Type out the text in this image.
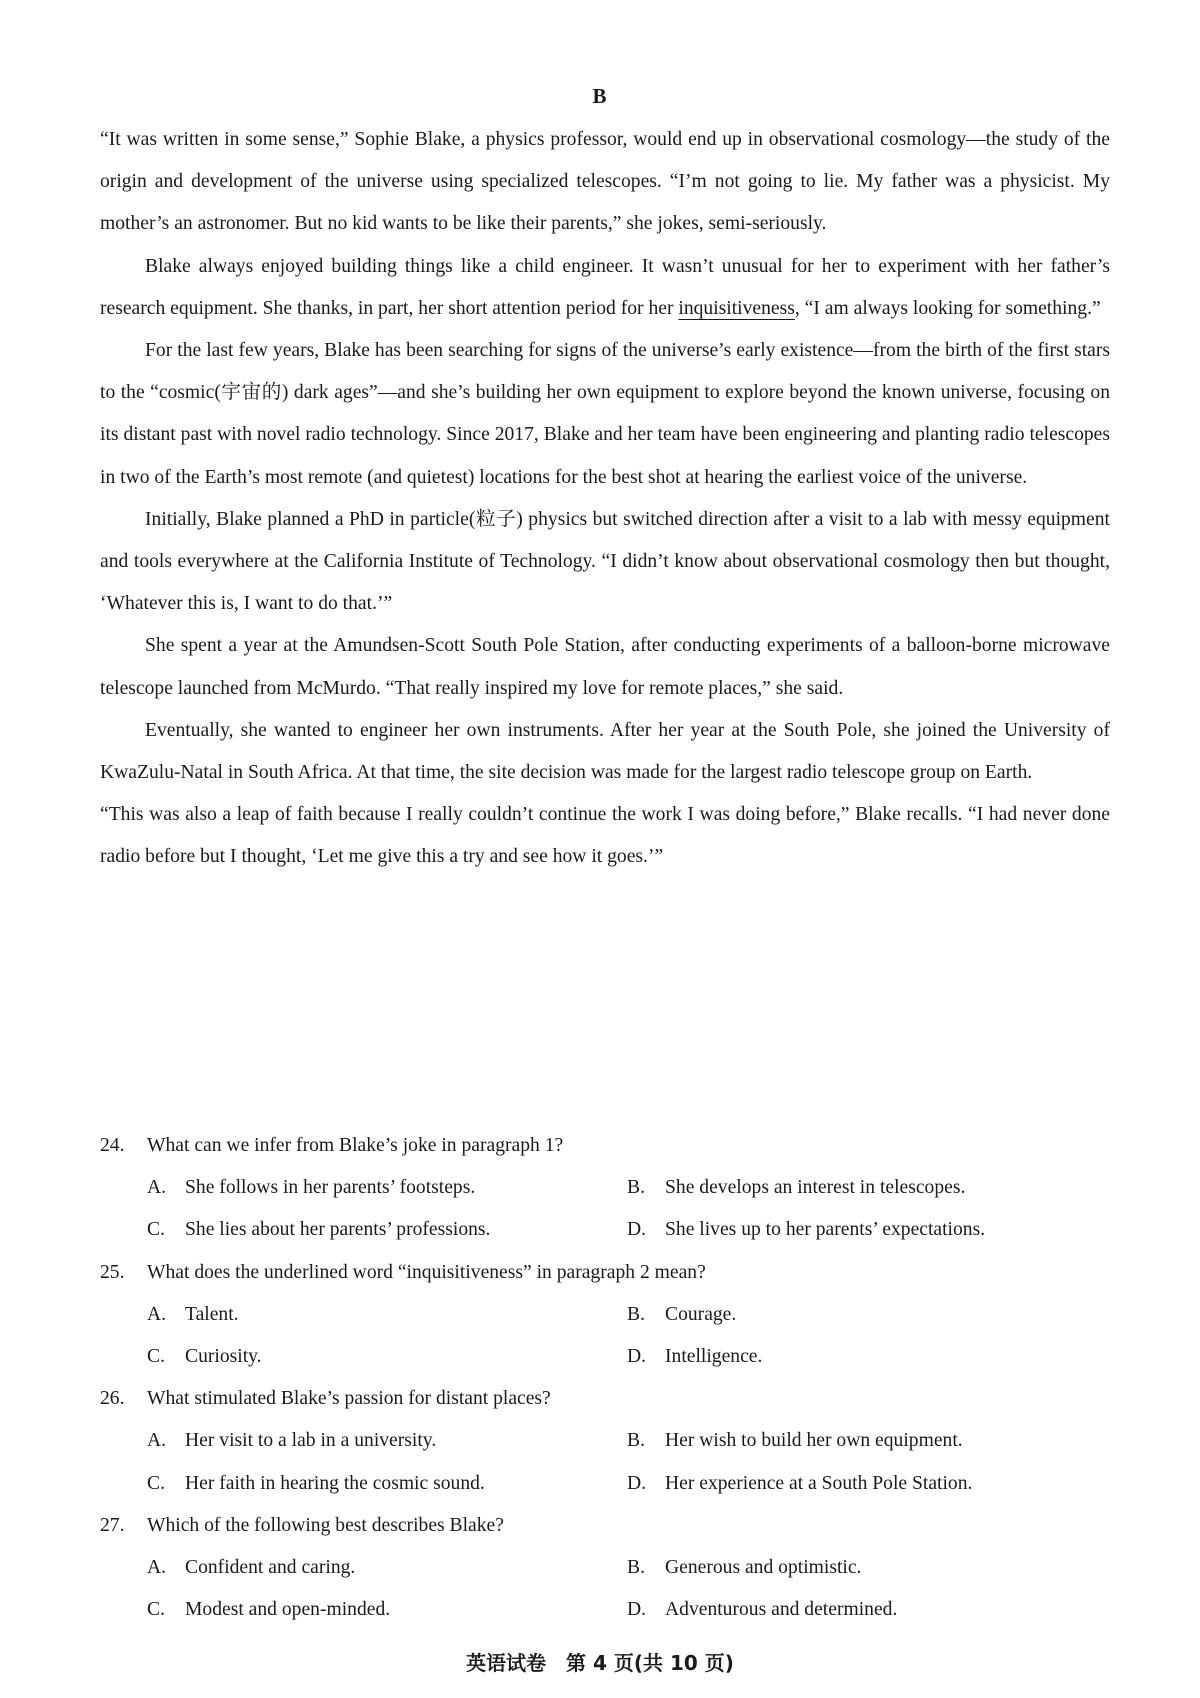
B

“It was written in some sense,” Sophie Blake, a physics professor, would end up in observational cosmology—the study of the origin and development of the universe using specialized telescopes. “I’m not going to lie. My father was a physicist. My mother’s an astronomer. But no kid wants to be like their parents,” she jokes, semi-seriously.

Blake always enjoyed building things like a child engineer. It wasn’t unusual for her to experiment with her father’s research equipment. She thanks, in part, her short attention period for her inquisitiveness, “I am always looking for something.”

For the last few years, Blake has been searching for signs of the universe’s early existence—from the birth of the first stars to the “cosmic(宇宙的) dark ages”—and she’s building her own equipment to explore beyond the known universe, focusing on its distant past with novel radio technology. Since 2017, Blake and her team have been engineering and planting radio telescopes in two of the Earth’s most remote (and quietest) locations for the best shot at hearing the earliest voice of the universe.

Initially, Blake planned a PhD in particle(粒子) physics but switched direction after a visit to a lab with messy equipment and tools everywhere at the California Institute of Technology. “I didn’t know about observational cosmology then but thought, ‘Whatever this is, I want to do that.’”

She spent a year at the Amundsen-Scott South Pole Station, after conducting experiments of a balloon-borne microwave telescope launched from McMurdo. “That really inspired my love for remote places,” she said.

Eventually, she wanted to engineer her own instruments. After her year at the South Pole, she joined the University of KwaZulu-Natal in South Africa. At that time, the site decision was made for the largest radio telescope group on Earth.

“This was also a leap of faith because I really couldn’t continue the work I was doing before,” Blake recalls. “I had never done radio before but I thought, ‘Let me give this a try and see how it goes.’”

24. What can we infer from Blake’s joke in paragraph 1?
A. She follows in her parents’ footsteps.	B. She develops an interest in telescopes.
C. She lies about her parents’ professions.	D. She lives up to her parents’ expectations.
25. What does the underlined word “inquisitiveness” in paragraph 2 mean?
A. Talent.	B. Courage.
C. Curiosity.	D. Intelligence.
26. What stimulated Blake’s passion for distant places?
A. Her visit to a lab in a university.	B. Her wish to build her own equipment.
C. Her faith in hearing the cosmic sound.	D. Her experience at a South Pole Station.
27. Which of the following best describes Blake?
A. Confident and caring.	B. Generous and optimistic.
C. Modest and open-minded.	D. Adventurous and determined.
英语试卷　第 4 页(共 10 页)
